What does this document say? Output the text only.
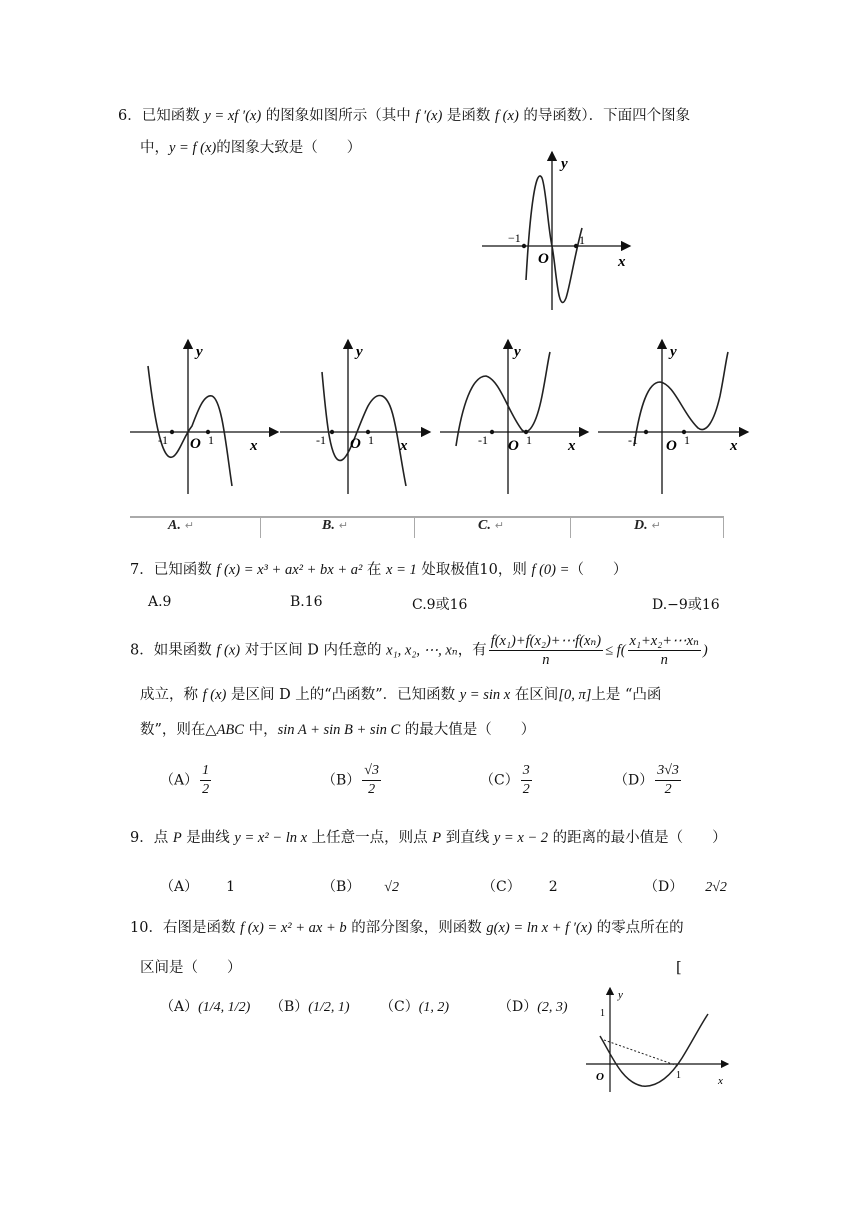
6．已知函数 y = xf ′(x) 的图象如图所示（其中 f ′(x) 是函数 f (x) 的导函数）．下面四个图象
中，y = f (x)的图象大致是（　　）
−1	1
O	x
y
-1	1
O	x
y
-1	1
O	x
y
-1	1
O	x
y
-1	1
O	x
y
A. ↵	B. ↵	C. ↵	D. ↵
7．已知函数 f (x) = x³ + ax² + bx + a² 在 x = 1 处取极值10，则 f (0) =（　　）
A.9	B.16	C.9或16	D.−9或16
8．如果函数 f (x) 对于区间 D 内任意的 x₁, x₂, ⋯, xₙ，有 $\frac{\text{f(x₁)+f(x₂)+⋯f(xₙ)}}{n} \le f( \frac{\text{x₁+x₂+⋯xₙ}}{n}$ )
成立，称 f (x) 是区间 D 上的“凸函数”．已知函数 y = sin x 在区间[0, π]上是 “凸函
数”，则在△ABC 中，sin A + sin B + sin C 的最大值是（　　）
$(A) \frac{1}{2}$	$(B) \frac{√3}{2}$	$(C) \frac{3}{2}$	$(D) \frac{3√3}{2}$
9．点 P 是曲线 y = x² − ln x 上任意一点，则点 P 到直线 y = x − 2 的距离的最小值是（　　）
（A） 1	（B） √2	（C） 2	（D） 2√2
10．右图是函数 f (x) = x² + ax + b 的部分图象，则函数 g(x) = ln x + f ′(x) 的零点所在的
区间是（　　）	[
（A）(1/4, 1/2) （B）(1/2, 1) （C）(1, 2)	（D）(2, 3)	1
1
O	x
y
